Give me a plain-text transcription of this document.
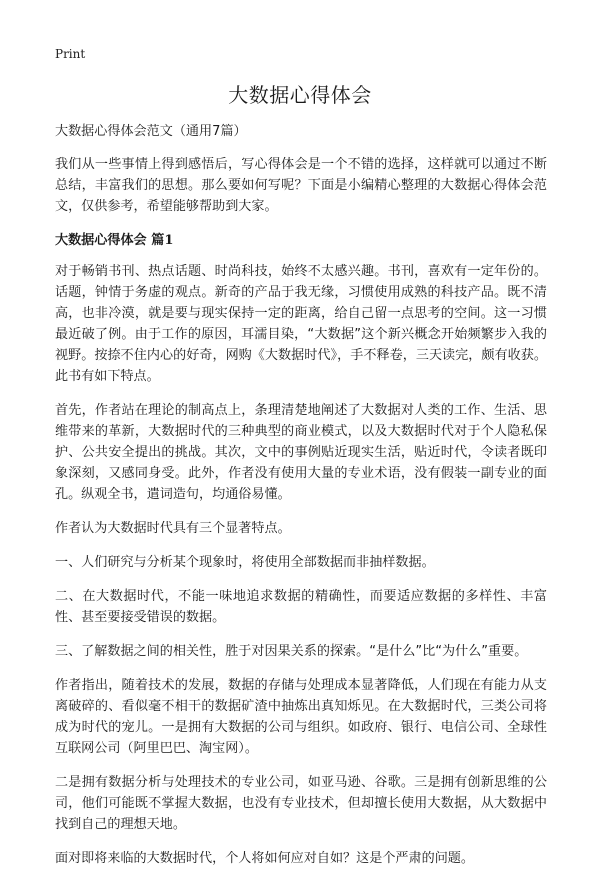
Print
大数据心得体会

大数据心得体会范文（通用7篇）

我们从一些事情上得到感悟后，写心得体会是一个不错的选择，这样就可以通过不断总结，丰富我们的思想。那么要如何写呢？下面是小编精心整理的大数据心得体会范文，仅供参考，希望能够帮助到大家。

大数据心得体会 篇1

对于畅销书刊、热点话题、时尚科技，始终不太感兴趣。书刊，喜欢有一定年份的。话题，钟情于务虚的观点。新奇的产品于我无缘，习惯使用成熟的科技产品。既不清高，也非冷漠，就是要与现实保持一定的距离，给自己留一点思考的空间。这一习惯最近破了例。由于工作的原因，耳濡目染，“大数据”这个新兴概念开始频繁步入我的视野。按捺不住内心的好奇，网购《大数据时代》，手不释卷，三天读完，颇有收获。此书有如下特点。

首先，作者站在理论的制高点上，条理清楚地阐述了大数据对人类的工作、生活、思维带来的革新，大数据时代的三种典型的商业模式，以及大数据时代对于个人隐私保护、公共安全提出的挑战。其次，文中的事例贴近现实生活，贴近时代，令读者既印象深刻，又感同身受。此外，作者没有使用大量的专业术语，没有假装一副专业的面孔。纵观全书，遣词造句，均通俗易懂。

作者认为大数据时代具有三个显著特点。

一、人们研究与分析某个现象时，将使用全部数据而非抽样数据。

二、在大数据时代，不能一味地追求数据的精确性，而要适应数据的多样性、丰富性、甚至要接受错误的数据。

三、了解数据之间的相关性，胜于对因果关系的探索。“是什么”比“为什么”重要。

作者指出，随着技术的发展，数据的存储与处理成本显著降低，人们现在有能力从支离破碎的、看似毫不相干的数据矿渣中抽炼出真知烁见。在大数据时代，三类公司将成为时代的宠儿。一是拥有大数据的公司与组织。如政府、银行、电信公司、全球性互联网公司（阿里巴巴、淘宝网）。

二是拥有数据分析与处理技术的专业公司，如亚马逊、谷歌。三是拥有创新思维的公司，他们可能既不掌握大数据，也没有专业技术，但却擅长使用大数据，从大数据中找到自己的理想天地。

面对即将来临的大数据时代，个人将如何应对自如？这是个严肃的问题。
